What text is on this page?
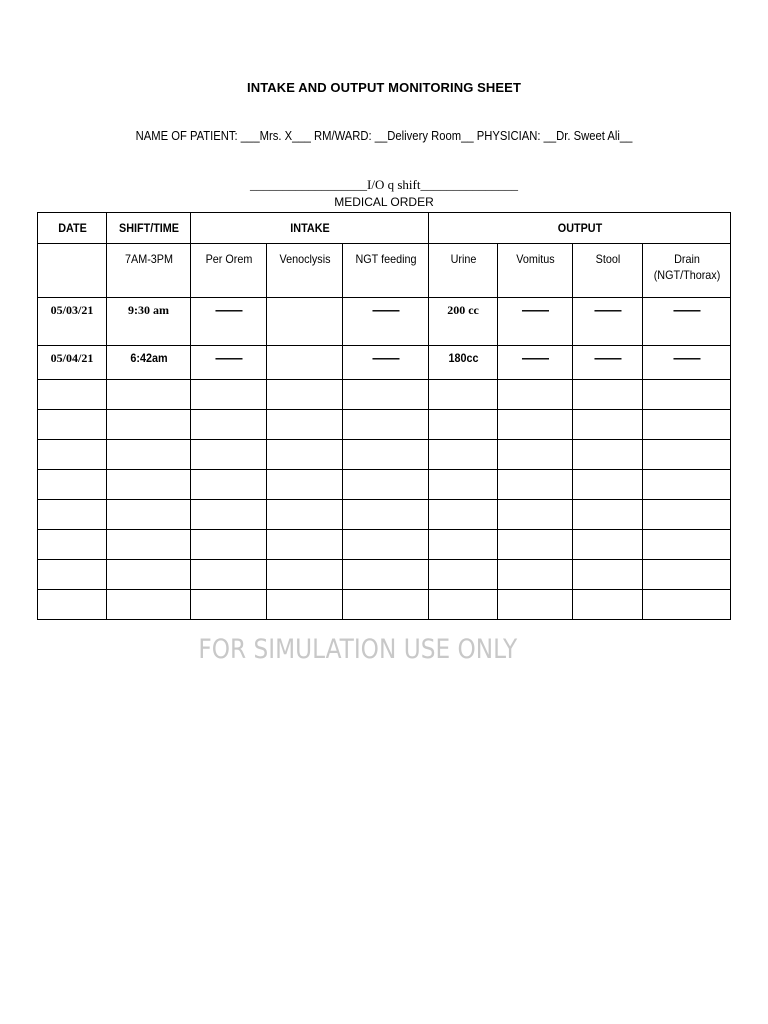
INTAKE AND OUTPUT MONITORING SHEET
NAME OF PATIENT: ___Mrs. X___ RM/WARD: __Delivery Room__ PHYSICIAN: __Dr. Sweet Ali__
__________________I/O q shift_______________
MEDICAL ORDER
DATE	SHIFT/TIME	INTAKE			OUTPUT			
	7AM-3PM	Per Orem	Venoclysis	NGT feeding	Urine	Vomitus	Stool	Drain
(NGT/Thorax)
05/03/21	9:30 am	---------		---------	200 cc	---------	---------	---------
05/04/21	6:42am	---------		---------	180cc	---------	---------	---------

FOR SIMULATION USE ONLY
